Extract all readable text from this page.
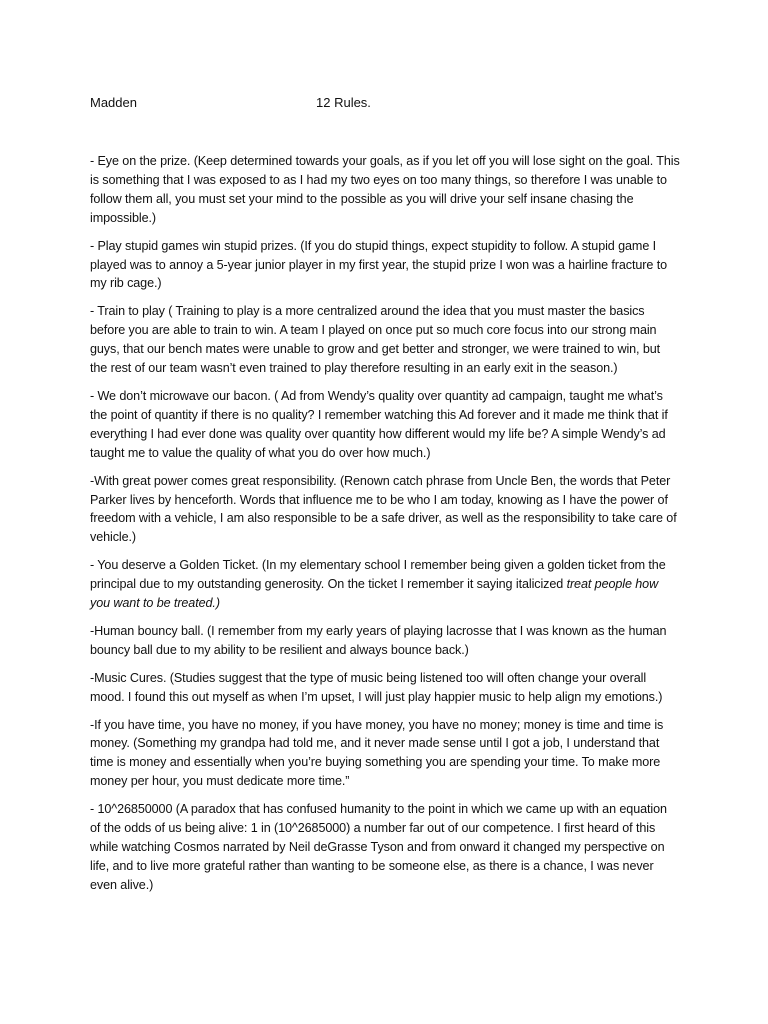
Madden	12 Rules.

- Eye on the prize. (Keep determined towards your goals, as if you let off you will lose sight on the goal. This is something that I was exposed to as I had my two eyes on too many things, so therefore I was unable to follow them all, you must set your mind to the possible as you will drive your self insane chasing the impossible.)

- Play stupid games win stupid prizes. (If you do stupid things, expect stupidity to follow. A stupid game I played was to annoy a 5-year junior player in my first year, the stupid prize I won was a hairline fracture to my rib cage.)

- Train to play ( Training to play is a more centralized around the idea that you must master the basics before you are able to train to win. A team I played on once put so much core focus into our strong main guys, that our bench mates were unable to grow and get better and stronger, we were trained to win, but the rest of our team wasn’t even trained to play therefore resulting in an early exit in the season.)

- We don’t microwave our bacon. ( Ad from Wendy’s quality over quantity ad campaign, taught me what’s the point of quantity if there is no quality? I remember watching this Ad forever and it made me think that if everything I had ever done was quality over quantity how different would my life be? A simple Wendy’s ad taught me to value the quality of what you do over how much.)

-With great power comes great responsibility. (Renown catch phrase from Uncle Ben, the words that Peter Parker lives by henceforth. Words that influence me to be who I am today, knowing as I have the power of freedom with a vehicle, I am also responsible to be a safe driver, as well as the responsibility to take care of vehicle.)

- You deserve a Golden Ticket. (In my elementary school I remember being given a golden ticket from the principal due to my outstanding generosity. On the ticket I remember it saying italicized treat people how you want to be treated.)

-Human bouncy ball. (I remember from my early years of playing lacrosse that I was known as the human bouncy ball due to my ability to be resilient and always bounce back.)

-Music Cures. (Studies suggest that the type of music being listened too will often change your overall mood. I found this out myself as when I’m upset, I will just play happier music to help align my emotions.)

-If you have time, you have no money, if you have money, you have no money; money is time and time is money. (Something my grandpa had told me, and it never made sense until I got a job, I understand that time is money and essentially when you’re buying something you are spending your time. To make more money per hour, you must dedicate more time.”

- 10^26850000 (A paradox that has confused humanity to the point in which we came up with an equation of the odds of us being alive: 1 in (10^2685000) a number far out of our competence. I first heard of this while watching Cosmos narrated by Neil deGrasse Tyson and from onward it changed my perspective on life, and to live more grateful rather than wanting to be someone else, as there is a chance, I was never even alive.)
